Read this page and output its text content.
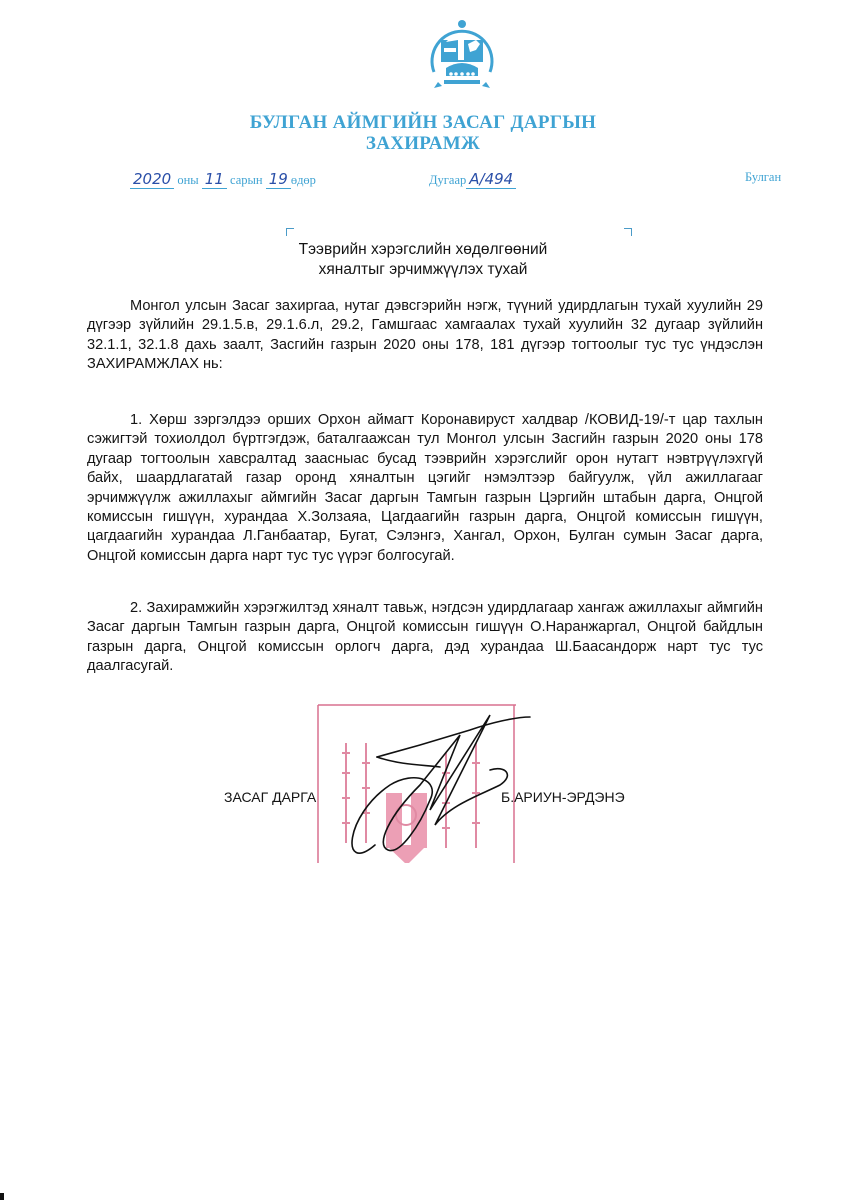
БУЛГАН АЙМГИЙН ЗАСАГ ДАРГЫН
ЗАХИРАМЖ
2020 оны 11 сарын 19 өдөр	Дугаар А/494	Булган
Тээврийн хэрэгслийн хөдөлгөөний
хяналтыг эрчимжүүлэх тухай

Монгол улсын Засаг захиргаа, нутаг дэвсгэрийн нэгж, түүний удирдлагын тухай хуулийн 29 дүгээр зүйлийн 29.1.5.в, 29.1.6.л, 29.2, Гамшгаас хамгаалах тухай хуулийн 32 дугаар зүйлийн 32.1.1, 32.1.8 дахь заалт, Засгийн газрын 2020 оны 178, 181 дүгээр тогтоолыг тус тус үндэслэн ЗАХИРАМЖЛАХ нь:

1. Хөрш зэргэлдээ орших Орхон аймагт Коронавируст халдвар /КОВИД-19/-т цар тахлын сэжигтэй тохиолдол бүртгэгдэж, баталгаажсан тул Монгол улсын Засгийн газрын 2020 оны 178 дугаар тогтоолын хавсралтад заасныас бусад тээврийн хэрэгслийг орон нутагт нэвтрүүлэхгүй байх, шаардлагатай газар оронд хяналтын цэгийг нэмэлтээр байгуулж, үйл ажиллагааг эрчимжүүлж ажиллахыг аймгийн Засаг даргын Тамгын газрын Цэргийн штабын дарга, Онцгой комиссын гишүүн, хурандаа Х.Золзаяа, Цагдаагийн газрын дарга, Онцгой комиссын гишүүн, цагдаагийн хурандаа Л.Ганбаатар, Бугат, Сэлэнгэ, Хангал, Орхон, Булган сумын Засаг дарга, Онцгой комиссын дарга нарт тус тус үүрэг болгосугай.

2. Захирамжийн хэрэгжилтэд хяналт тавьж, нэгдсэн удирдлагаар хангаж ажиллахыг аймгийн Засаг даргын Тамгын газрын дарга, Онцгой комиссын гишүүн О.Наранжаргал, Онцгой байдлын газрын дарга, Онцгой комиссын орлогч дарга, дэд хурандаа Ш.Баасандорж нарт тус тус даалгасугай.

ЗАСАГ ДАРГА	Б.АРИУН-ЭРДЭНЭ
